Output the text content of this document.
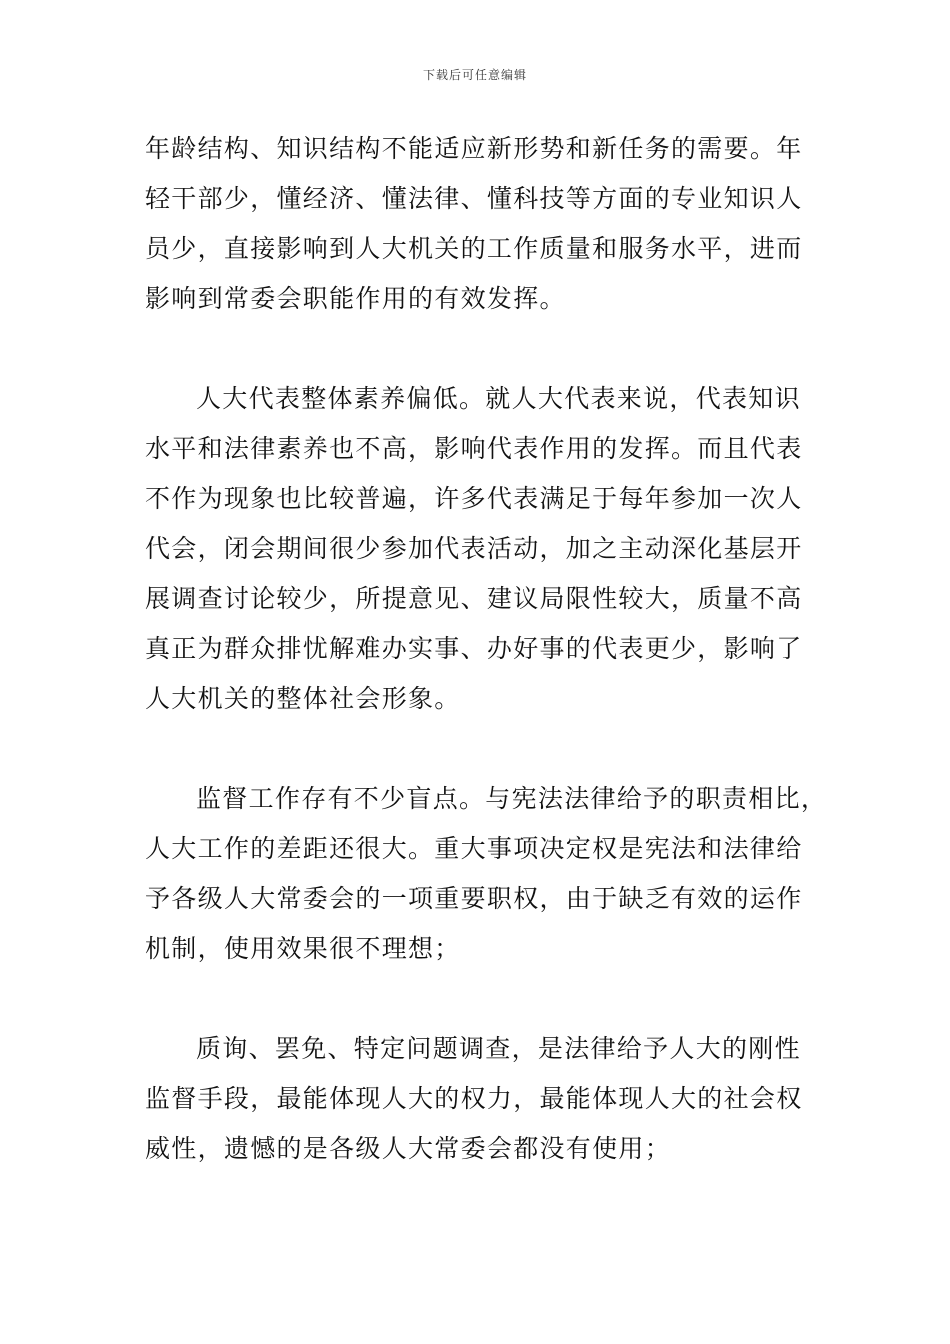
下载后可任意编辑
年龄结构、知识结构不能适应新形势和新任务的需要。年
轻干部少，懂经济、懂法律、懂科技等方面的专业知识人
员少，直接影响到人大机关的工作质量和服务水平，进而
影响到常委会职能作用的有效发挥。
人大代表整体素养偏低。就人大代表来说，代表知识
水平和法律素养也不高，影响代表作用的发挥。而且代表
不作为现象也比较普遍，许多代表满足于每年参加一次人
代会，闭会期间很少参加代表活动，加之主动深化基层开
展调查讨论较少，所提意见、建议局限性较大，质量不高
真正为群众排忧解难办实事、办好事的代表更少，影响了
人大机关的整体社会形象。
监督工作存有不少盲点。与宪法法律给予的职责相比，
人大工作的差距还很大。重大事项决定权是宪法和法律给
予各级人大常委会的一项重要职权，由于缺乏有效的运作
机制，使用效果很不理想；
质询、罢免、特定问题调查，是法律给予人大的刚性
监督手段，最能体现人大的权力，最能体现人大的社会权
威性，遗憾的是各级人大常委会都没有使用；
